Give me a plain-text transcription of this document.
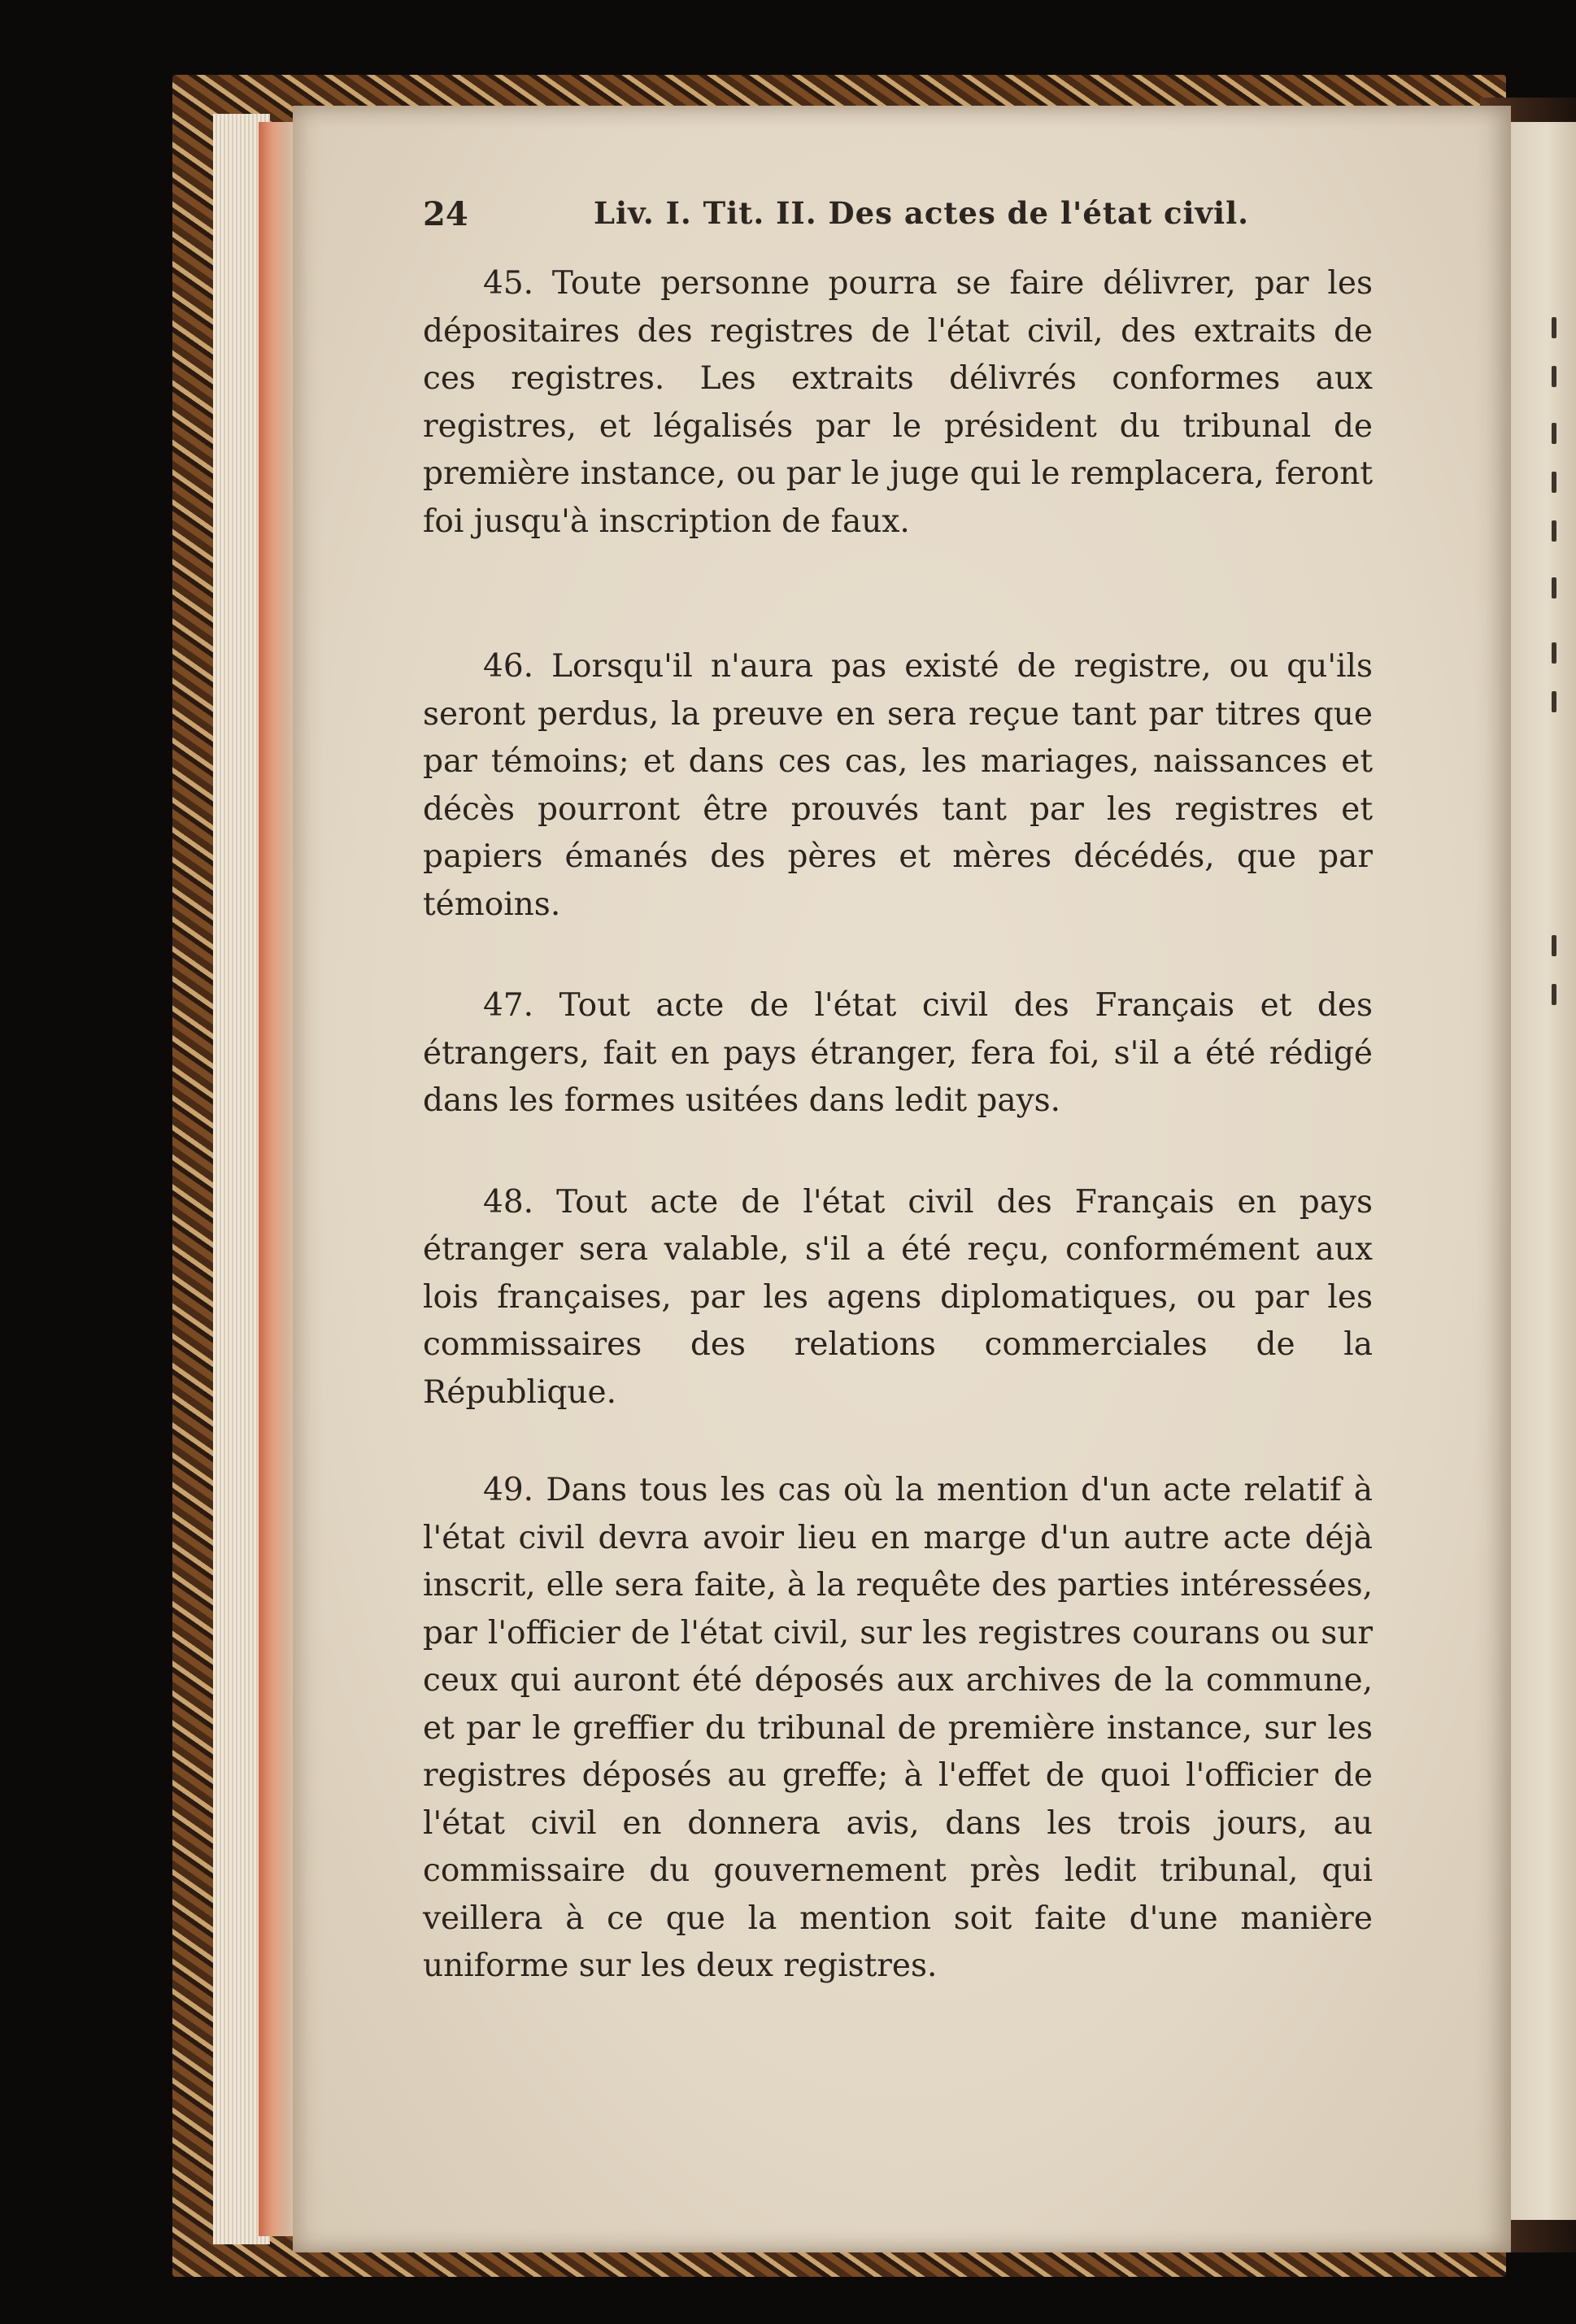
24	Liv. I. Tit. II. Des actes de l'état civil.

45. Toute personne pourra se faire délivrer, par les dépositaires des registres de l'état civil, des extraits de ces registres. Les extraits délivrés conformes aux registres, et légalisés par le président du tribunal de première instance, ou par le juge qui le remplacera, feront foi jusqu'à inscription de faux.

46. Lorsqu'il n'aura pas existé de registre, ou qu'ils seront perdus, la preuve en sera reçue tant par titres que par témoins; et dans ces cas, les mariages, naissances et décès pourront être prouvés tant par les registres et papiers émanés des pères et mères décédés, que par témoins.

47. Tout acte de l'état civil des Français et des étrangers, fait en pays étranger, fera foi, s'il a été rédigé dans les formes usitées dans ledit pays.

48. Tout acte de l'état civil des Français en pays étranger sera valable, s'il a été reçu, conformément aux lois françaises, par les agens diplomatiques, ou par les commissaires des relations commerciales de la République.

49. Dans tous les cas où la mention d'un acte relatif à l'état civil devra avoir lieu en marge d'un autre acte déjà inscrit, elle sera faite, à la requête des parties intéressées, par l'officier de l'état civil, sur les registres courans ou sur ceux qui auront été déposés aux archives de la commune, et par le greffier du tribunal de première instance, sur les registres déposés au greffe; à l'effet de quoi l'officier de l'état civil en donnera avis, dans les trois jours, au commissaire du gouvernement près ledit tribunal, qui veillera à ce que la mention soit faite d'une manière uniforme sur les deux registres.
